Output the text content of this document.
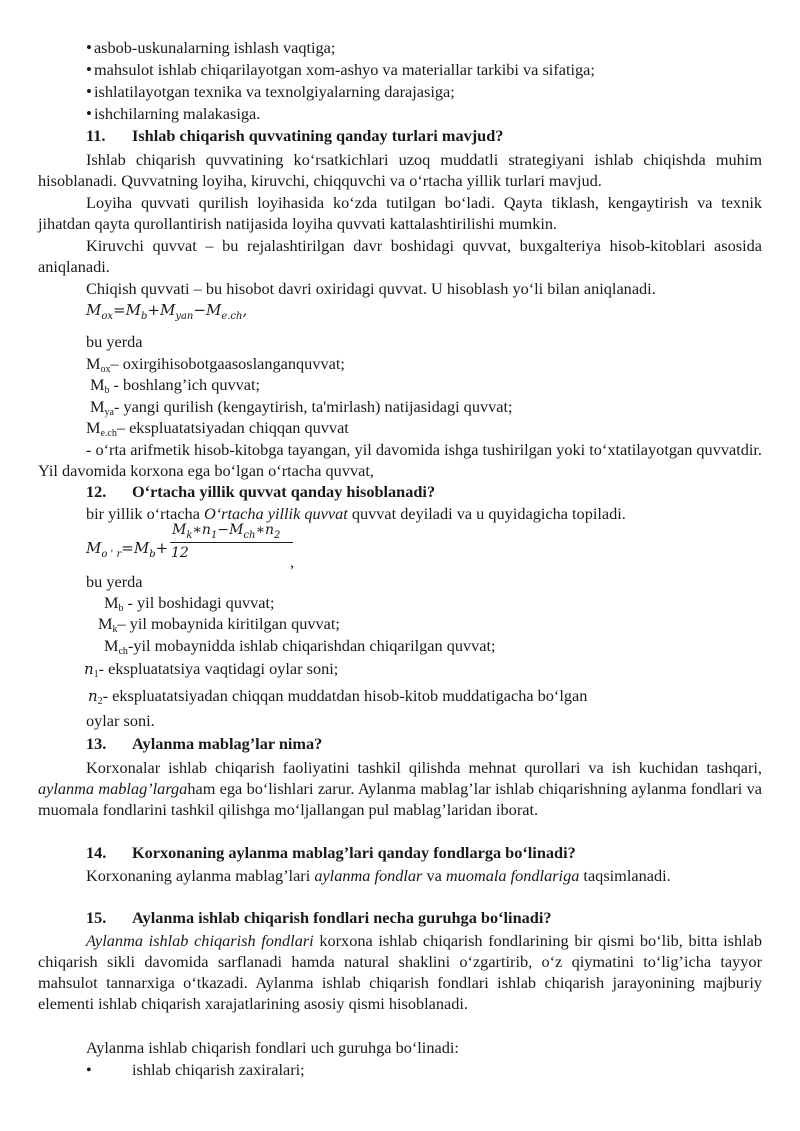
• asbob-uskunalarning ishlash vaqtiga;
• mahsulot ishlab chiqarilayotgan xom-ashyo va materiallar tarkibi va sifatiga;
• ishlatilayotgan texnika va texnolgiyalarning darajasiga;
• ishchilarning malakasiga.
11. Ishlab chiqarish quvvatining qanday turlari mavjud?
Ishlab chiqarish quvvatining ko‘rsatkichlari uzoq muddatli strategiyani ishlab chiqishda muhim hisoblanadi. Quvvatning loyiha, kiruvchi, chiqquvchi va o‘rtacha yillik turlari mavjud.
Loyiha quvvati qurilish loyihasida ko‘zda tutilgan bo‘ladi. Qayta tiklash, kengaytirish va texnik jihatdan qayta qurollantirish natijasida loyiha quvvati kattalashtirilishi mumkin.
Kiruvchi quvvat – bu rejalashtirilgan davr boshidagi quvvat, buxgalteriya hisob-kitoblari asosida aniqlanadi.
Chiqish quvvati – bu hisobot davri oxiridagi quvvat. U hisoblash yo‘li bilan aniqlanadi.
$M_{ox}=M_b+M_{yan}-M_{e.ch}$,
bu yerda
$M_{ox}-$ oxirgihisobotgaasoslanganquvvat;
$M_b$ - boshlang’ich quvvat;
$M_{ya}-$ yangi qurilish (kengaytirish, ta'mirlash) natijasidagi quvvat;
$M_{e.ch}-$ ekspluatatsiyadan chiqqan quvvat
- o‘rta arifmetik hisob-kitobga tayangan, yil davomida ishga tushirilgan yoki to‘xtatilayotgan quvvatdir. Yil davomida korxona ega bo‘lgan o‘rtacha quvvat,
12. O‘rtacha yillik quvvat qanday hisoblanadi?
bir yillik o‘rtacha O‘rtacha yillik quvvat quvvat deyiladi va u quyidagicha topiladi.
$M_{o ' r}=M_b+$
$M_k∗n_1-M_{ch}∗n_2$
12	,
bu yerda
$M_b$ - yil boshidagi quvvat;
$M_k-$ yil mobaynida kiritilgan quvvat;
$M_{ch}$-yil mobaynidda ishlab chiqarishdan chiqarilgan quvvat;
$n_1-$ ekspluatatsiya vaqtidagi oylar soni;
$n_2-$ ekspluatatsiyadan chiqqan muddatdan hisob-kitob muddatigacha bo‘lgan
oylar soni.
13. Aylanma mablag’lar nima?
Korxonalar ishlab chiqarish faoliyatini tashkil qilishda mehnat qurollari va ish kuchidan tashqari, aylanma mablag’largaham ega bo‘lishlari zarur. Aylanma mablag’lar ishlab chiqarishning aylanma fondlari va muomala fondlarini tashkil qilishga mo‘ljallangan pul mablag’laridan iborat.
14. Korxonaning aylanma mablag’lari qanday fondlarga bo‘linadi?
Korxonaning aylanma mablag’lari aylanma fondlar va muomala fondlariga taqsimlanadi.
15. Aylanma ishlab chiqarish fondlari necha guruhga bo‘linadi?
Aylanma ishlab chiqarish fondlari korxona ishlab chiqarish fondlarining bir qismi bo‘lib, bitta ishlab chiqarish sikli davomida sarflanadi hamda natural shaklini o‘zgartirib, o‘z qiymatini to‘lig’icha tayyor mahsulot tannarxiga o‘tkazadi. Aylanma ishlab chiqarish fondlari ishlab chiqarish jarayonining majburiy elementi ishlab chiqarish xarajatlarining asosiy qismi hisoblanadi.
Aylanma ishlab chiqarish fondlari uch guruhga bo‘linadi:
• ishlab chiqarish zaxiralari;
